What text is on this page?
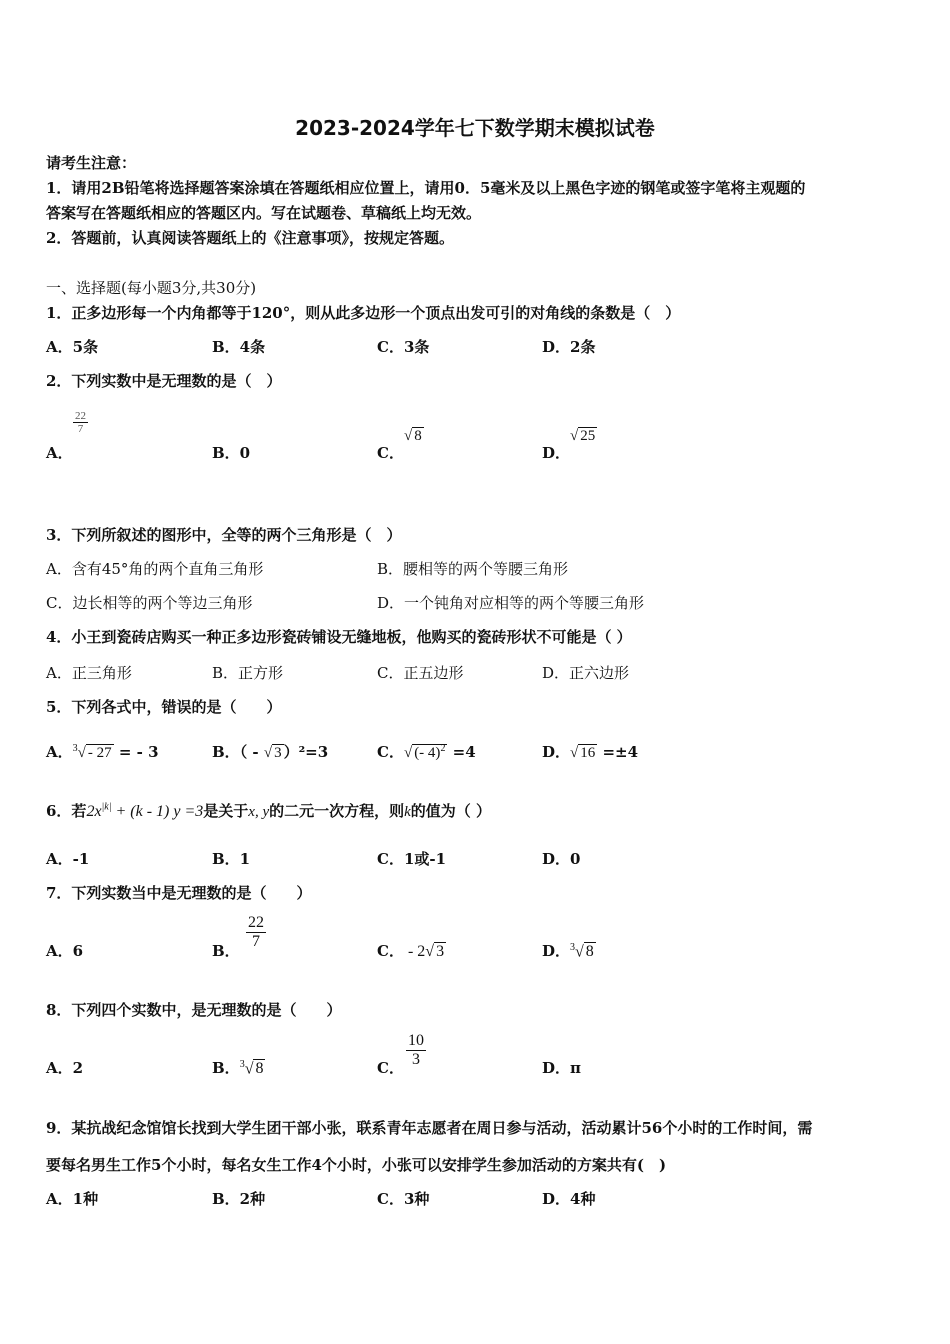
2023-2024学年七下数学期末模拟试卷
请考生注意：
1．请用2B铅笔将选择题答案涂填在答题纸相应位置上，请用0．5毫米及以上黑色字迹的钢笔或签字笔将主观题的
答案写在答题纸相应的答题区内。写在试题卷、草稿纸上均无效。
2．答题前，认真阅读答题纸上的《注意事项》，按规定答题。
一、选择题(每小题3分,共30分)
1．正多边形每一个内角都等于120°，则从此多边形一个顶点出发可引的对角线的条数是（　）
A．5条	B．4条	C．3条	D．2条
2．下列实数中是无理数的是（　）
A．
$\frac{22}{7}$
B．0	C．
√ 8
D．
√ 25
3．下列所叙述的图形中，全等的两个三角形是（　）
A．含有45°角的两个直角三角形	B．腰相等的两个等腰三角形
C．边长相等的两个等边三角形	D．一个钝角对应相等的两个等腰三角形
4．小王到瓷砖店购买一种正多边形瓷砖铺设无缝地板，他购买的瓷砖形状不可能是（ ）
A．正三角形	B．正方形	C．正五边形	D．正六边形
5．下列各式中，错误的是（　　）
A．$^3$√ - 27 = - 3	B．（ - √ 3 ）²=3	C．√ (- 4)$^2$ =4	D．√ 16 =±4
6．若$2x^{|k|} + (k - 1)$ y =3是关于x, y的二元一次方程，则k的值为（ ）
A．-1	B．1	C．1或-1	D．0
7．下列实数当中是无理数的是（　　）
A．6	B． $\frac{22}{7}$	C． - 2√ 3	D．$^3$√ 8
8．下列四个实数中，是无理数的是（　　）
A．2	B．$^3$√ 8	C． $\frac{10}{3}$	D．π
9．某抗战纪念馆馆长找到大学生团干部小张，联系青年志愿者在周日参与活动，活动累计56个小时的工作时间，需
要每名男生工作5个小时，每名女生工作4个小时，小张可以安排学生参加活动的方案共有(　)
A．1种	B．2种	C．3种	D．4种
